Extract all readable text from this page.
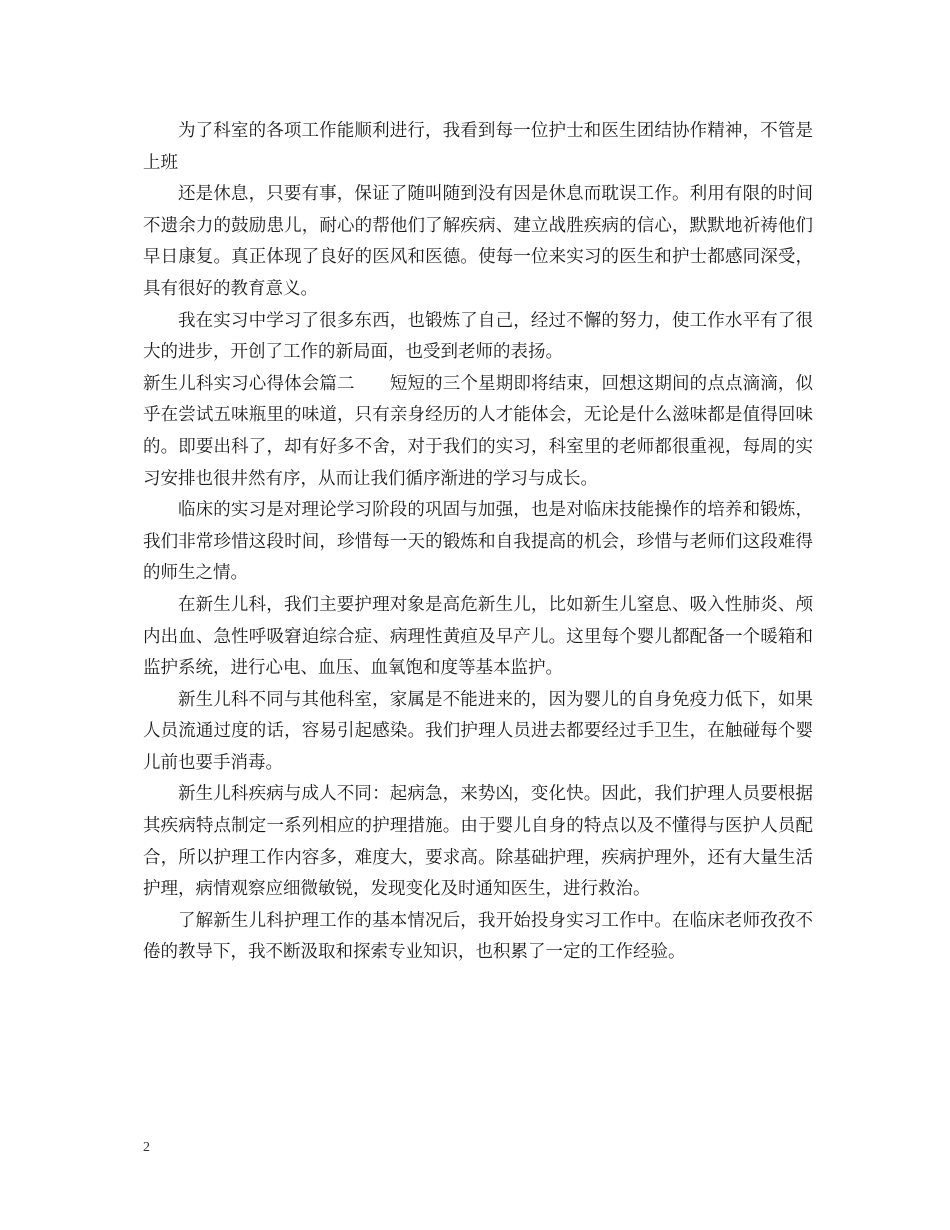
为了科室的各项工作能顺利进行，我看到每一位护士和医生团结协作精神，不管是上班

还是休息，只要有事，保证了随叫随到没有因是休息而耽误工作。利用有限的时间不遗余力的鼓励患儿，耐心的帮他们了解疾病、建立战胜疾病的信心，默默地祈祷他们早日康复。真正体现了良好的医风和医德。使每一位来实习的医生和护士都感同深受，具有很好的教育意义。

我在实习中学习了很多东西，也锻炼了自己，经过不懈的努力，使工作水平有了很大的进步，开创了工作的新局面，也受到老师的表扬。

新生儿科实习心得体会篇二　　短短的三个星期即将结束，回想这期间的点点滴滴，似乎在尝试五味瓶里的味道，只有亲身经历的人才能体会，无论是什么滋味都是值得回味的。即要出科了，却有好多不舍，对于我们的实习，科室里的老师都很重视，每周的实习安排也很井然有序，从而让我们循序渐进的学习与成长。

临床的实习是对理论学习阶段的巩固与加强，也是对临床技能操作的培养和锻炼，我们非常珍惜这段时间，珍惜每一天的锻炼和自我提高的机会，珍惜与老师们这段难得的师生之情。

在新生儿科，我们主要护理对象是高危新生儿，比如新生儿窒息、吸入性肺炎、颅内出血、急性呼吸窘迫综合症、病理性黄疸及早产儿。这里每个婴儿都配备一个暖箱和监护系统，进行心电、血压、血氧饱和度等基本监护。

新生儿科不同与其他科室，家属是不能进来的，因为婴儿的自身免疫力低下，如果人员流通过度的话，容易引起感染。我们护理人员进去都要经过手卫生，在触碰每个婴儿前也要手消毒。

新生儿科疾病与成人不同：起病急，来势凶，变化快。因此，我们护理人员要根据其疾病特点制定一系列相应的护理措施。由于婴儿自身的特点以及不懂得与医护人员配合，所以护理工作内容多，难度大，要求高。除基础护理，疾病护理外，还有大量生活护理，病情观察应细微敏锐，发现变化及时通知医生，进行救治。

了解新生儿科护理工作的基本情况后，我开始投身实习工作中。在临床老师孜孜不倦的教导下，我不断汲取和探索专业知识，也积累了一定的工作经验。

2
